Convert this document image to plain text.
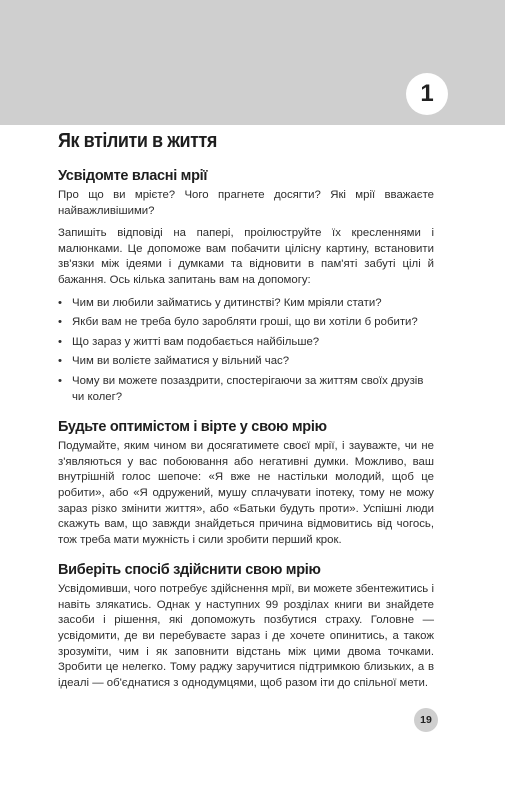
1
Як втілити в життя
Усвідомте власні мрії

Про що ви мрієте? Чого прагнете досягти? Які мрії вважаєте найважливішими?

Запишіть відповіді на папері, проілюструйте їх кресленнями і малюнками. Це допоможе вам побачити цілісну картину, встановити зв'язки між ідеями і думками та відновити в пам'яті забуті цілі й бажання. Ось кілька запитань вам на допомогу:

• Чим ви любили займатись у дитинстві? Ким мріяли стати?
• Якби вам не треба було заробляти гроші, що ви хотіли б робити?
• Що зараз у житті вам подобається найбільше?
• Чим ви волієте займатися у вільний час?
• Чому ви можете позаздрити, спостерігаючи за життям своїх друзів чи колег?
Будьте оптимістом і вірте у свою мрію

Подумайте, яким чином ви досягатимете своєї мрії, і зауважте, чи не з'являються у вас побоювання або негативні думки. Можливо, ваш внутрішній голос шепоче: «Я вже не настільки молодий, щоб це робити», або «Я одружений, мушу сплачувати іпотеку, тому не можу зараз різко змінити життя», або «Батьки будуть проти». Успішні люди скажуть вам, що завжди знайдеться причина відмовитись від чогось, тож треба мати мужність і сили зробити перший крок.

Виберіть спосіб здійснити свою мрію

Усвідомивши, чого потребує здійснення мрії, ви можете збентежитись і навіть злякатись. Однак у наступних 99 розділах книги ви знайдете засоби і рішення, які допоможуть позбутися страху. Головне — усвідомити, де ви перебуваєте зараз і де хочете опинитись, а також зрозуміти, чим і як заповнити відстань між цими двома точками. Зробити це нелегко. Тому раджу заручитися підтримкою близьких, а в ідеалі — об'єднатися з однодумцями, щоб разом іти до спільної мети.

19
